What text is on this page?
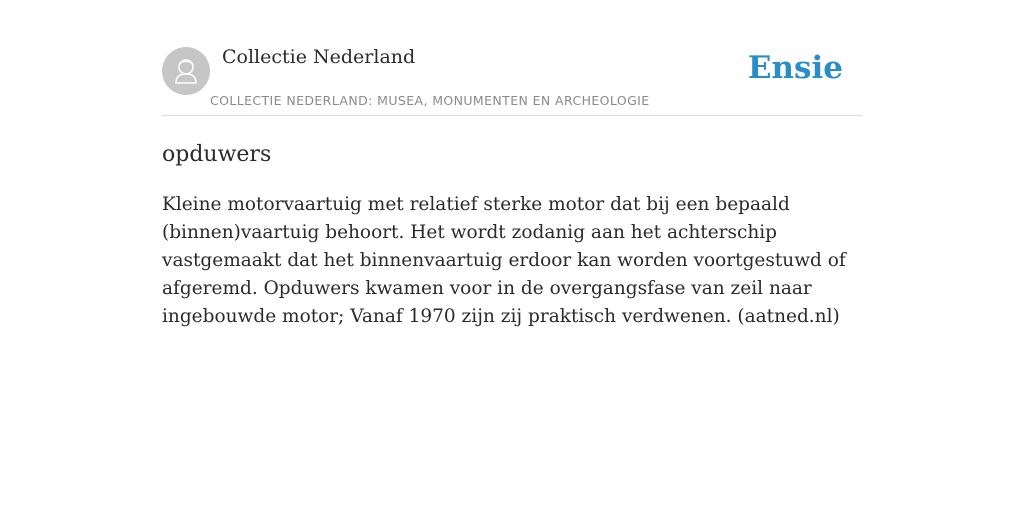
Collectie Nederland
COLLECTIE NEDERLAND: MUSEA, MONUMENTEN EN ARCHEOLOGIE
Ensie
opduwers

Kleine motorvaartuig met relatief sterke motor dat bij een bepaald (binnen)vaartuig behoort. Het wordt zodanig aan het achterschip vastgemaakt dat het binnenvaartuig erdoor kan worden voortgestuwd of afgeremd. Opduwers kwamen voor in de overgangsfase van zeil naar ingebouwde motor; Vanaf 1970 zijn zij praktisch verdwenen. (aatned.nl)
